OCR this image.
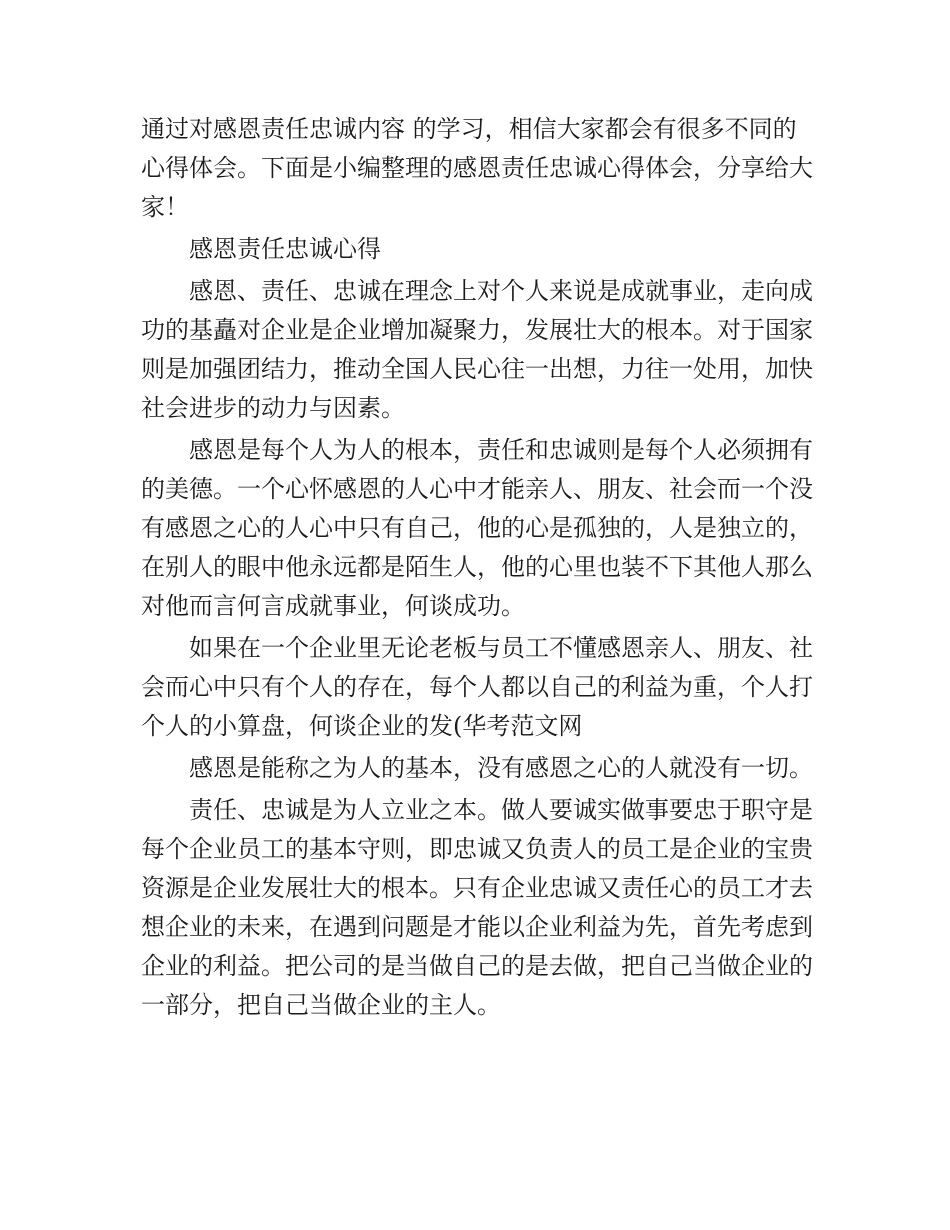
通过对感恩责任忠诚内容 的学习，相信大家都会有很多不同的心得体会。下面是小编整理的感恩责任忠诚心得体会，分享给大家！

感恩责任忠诚心得

感恩、责任、忠诚在理念上对个人来说是成就事业，走向成功的基矗对企业是企业增加凝聚力，发展壮大的根本。对于国家则是加强团结力，推动全国人民心往一出想，力往一处用，加快社会进步的动力与因素。

感恩是每个人为人的根本，责任和忠诚则是每个人必须拥有的美德。一个心怀感恩的人心中才能亲人、朋友、社会而一个没有感恩之心的人心中只有自己，他的心是孤独的，人是独立的，在别人的眼中他永远都是陌生人，他的心里也装不下其他人那么对他而言何言成就事业，何谈成功。

如果在一个企业里无论老板与员工不懂感恩亲人、朋友、社会而心中只有个人的存在，每个人都以自己的利益为重，个人打个人的小算盘，何谈企业的发(华考范文网

感恩是能称之为人的基本，没有感恩之心的人就没有一切。

责任、忠诚是为人立业之本。做人要诚实做事要忠于职守是每个企业员工的基本守则，即忠诚又负责人的员工是企业的宝贵资源是企业发展壮大的根本。只有企业忠诚又责任心的员工才去想企业的未来，在遇到问题是才能以企业利益为先，首先考虑到企业的利益。把公司的是当做自己的是去做，把自己当做企业的一部分，把自己当做企业的主人。
